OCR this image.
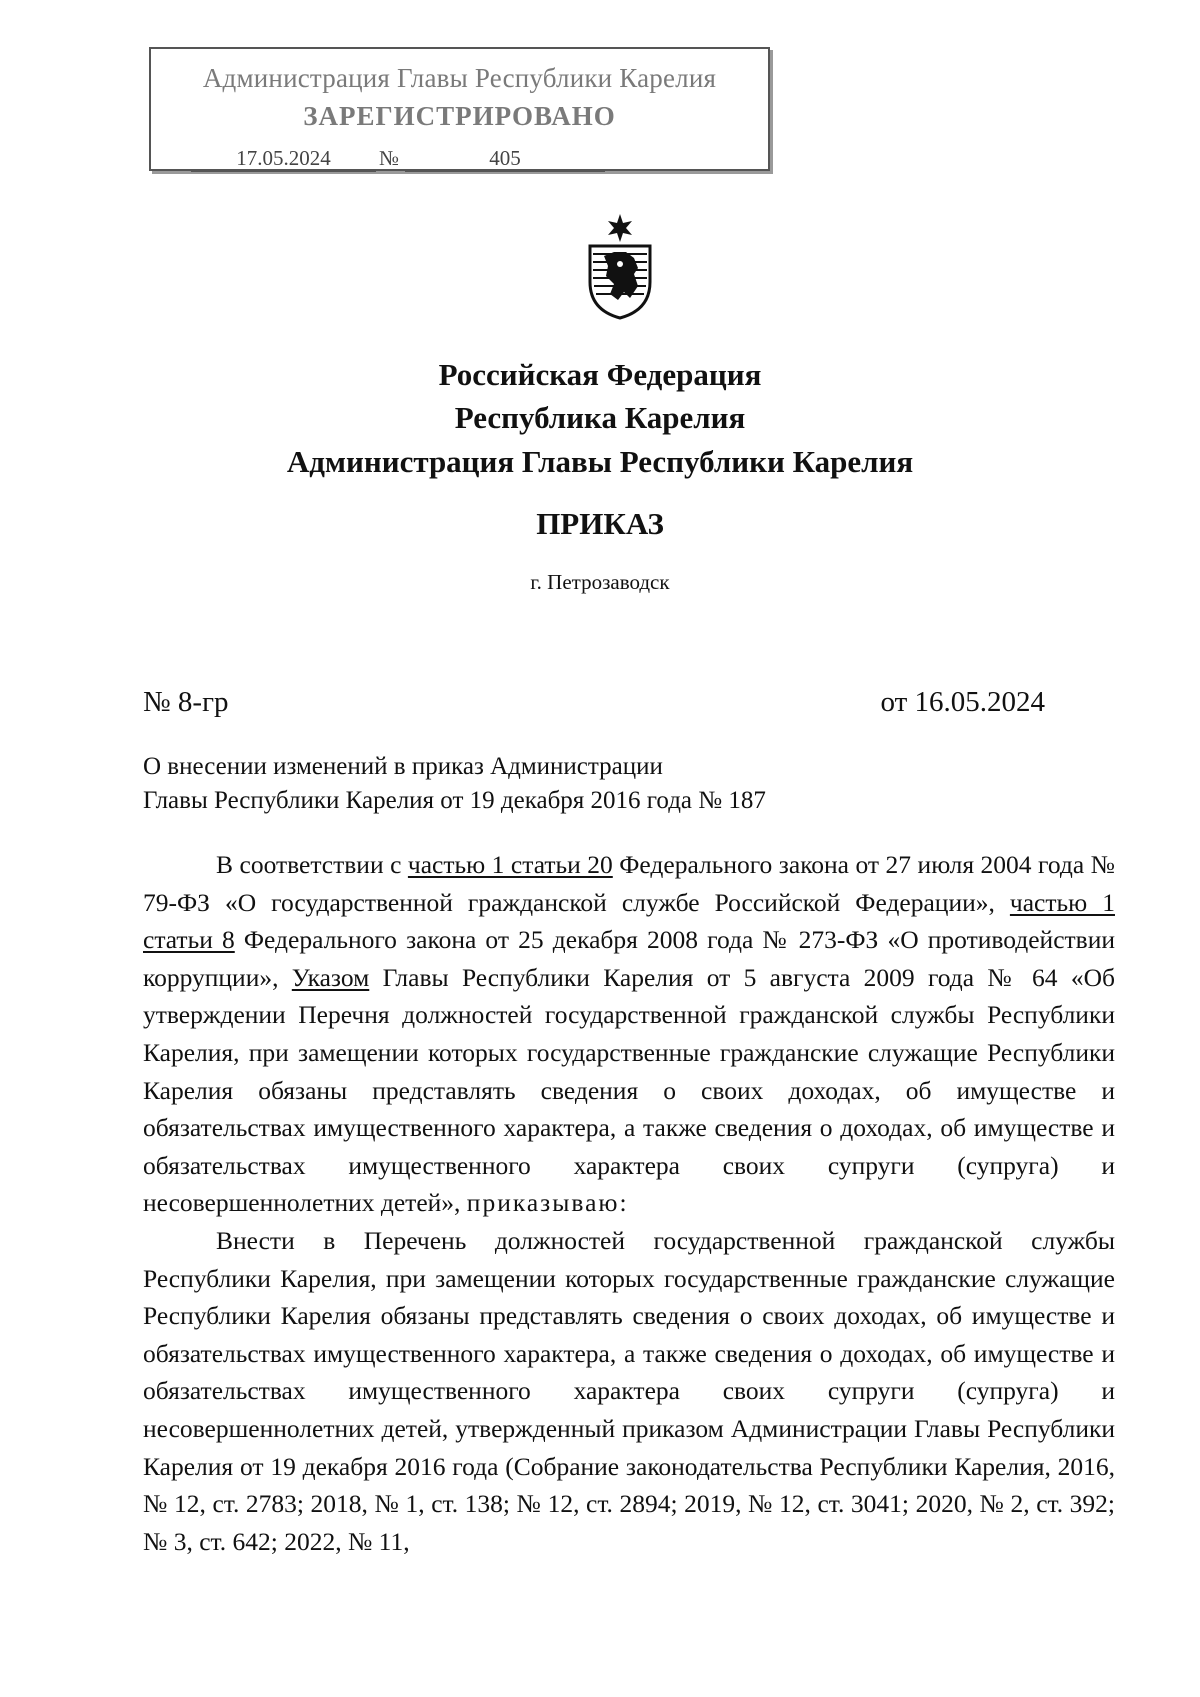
Администрация Главы Республики Карелия
ЗАРЕГИСТРИРОВАНО
17.05.2024	№	405
Российская Федерация
Республика Карелия
Администрация Главы Республики Карелия
ПРИКАЗ
г. Петрозаводск
№ 8-гр	от 16.05.2024
О внесении изменений в приказ Администрации
Главы Республики Карелия от 19 декабря 2016 года № 187

В соответствии с частью 1 статьи 20 Федерального закона от 27 июля 2004 года № 79-ФЗ «О государственной гражданской службе Российской Федерации», частью 1 статьи 8 Федерального закона от 25 декабря 2008 года № 273-ФЗ «О противодействии коррупции», Указом Главы Республики Карелия от 5 августа 2009 года № 64 «Об утверждении Перечня должностей государственной гражданской службы Республики Карелия, при замещении которых государственные гражданские служащие Республики Карелия обязаны представлять сведения о своих доходах, об имуществе и обязательствах имущественного характера, а также сведения о доходах, об имуществе и обязательствах имущественного характера своих супруги (супруга) и несовершеннолетних детей», приказываю:

Внести в Перечень должностей государственной гражданской службы Республики Карелия, при замещении которых государственные гражданские служащие Республики Карелия обязаны представлять сведения о своих доходах, об имуществе и обязательствах имущественного характера, а также сведения о доходах, об имуществе и обязательствах имущественного характера своих супруги (супруга) и несовершеннолетних детей, утвержденный приказом Администрации Главы Республики Карелия от 19 декабря 2016 года (Собрание законодательства Республики Карелия, 2016, № 12, ст. 2783; 2018, № 1, ст. 138; № 12, ст. 2894; 2019, № 12, ст. 3041; 2020, № 2, ст. 392; № 3, ст. 642; 2022, № 11,
